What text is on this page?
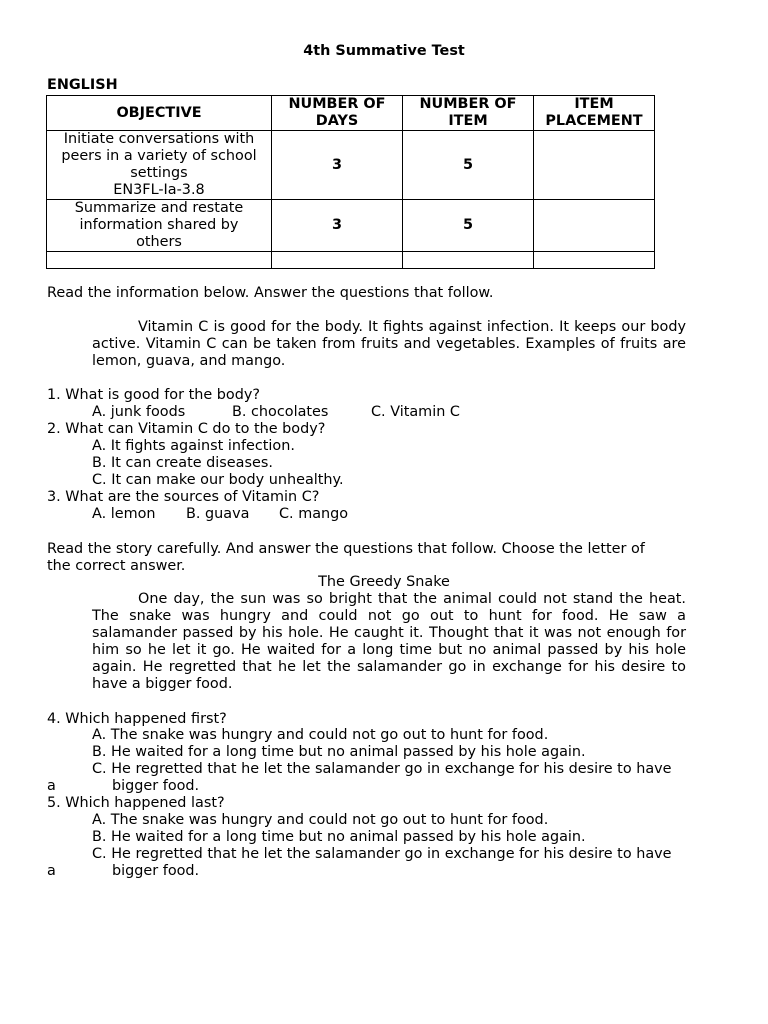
4th Summative Test
ENGLISH
OBJECTIVE	NUMBER OF DAYS	NUMBER OF ITEM	ITEM PLACEMENT
Initiate conversations with
peers in a variety of school
settings
EN3FL-Ia-3.8	3	5	
Summarize and restate
information shared by
others	3	5	

Read the information below. Answer the questions that follow.
Vitamin C is good for the body. It fights against infection. It keeps our body active. Vitamin C can be taken from fruits and vegetables. Examples of fruits are lemon, guava, and mango.
1. What is good for the body?
A. junk foods	B. chocolates	C. Vitamin C
2. What can Vitamin C do to the body?
A. It fights against infection.
B. It can create diseases.
C. It can make our body unhealthy.
3. What are the sources of Vitamin C?
A. lemon B. guava C. mango
Read the story carefully. And answer the questions that follow. Choose the letter of
the correct answer.
The Greedy Snake
One day, the sun was so bright that the animal could not stand the heat. The snake was hungry and could not go out to hunt for food. He saw a salamander passed by his hole. He caught it. Thought that it was not enough for him so he let it go. He waited for a long time but no animal passed by his hole again. He regretted that he let the salamander go in exchange for his desire to have a bigger food.
4. Which happened first?
A. The snake was hungry and could not go out to hunt for food.
B. He waited for a long time but no animal passed by his hole again.
C. He regretted that he let the salamander go in exchange for his desire to have
a	bigger food.
5. Which happened last?
A. The snake was hungry and could not go out to hunt for food.
B. He waited for a long time but no animal passed by his hole again.
C. He regretted that he let the salamander go in exchange for his desire to have
a	bigger food.
